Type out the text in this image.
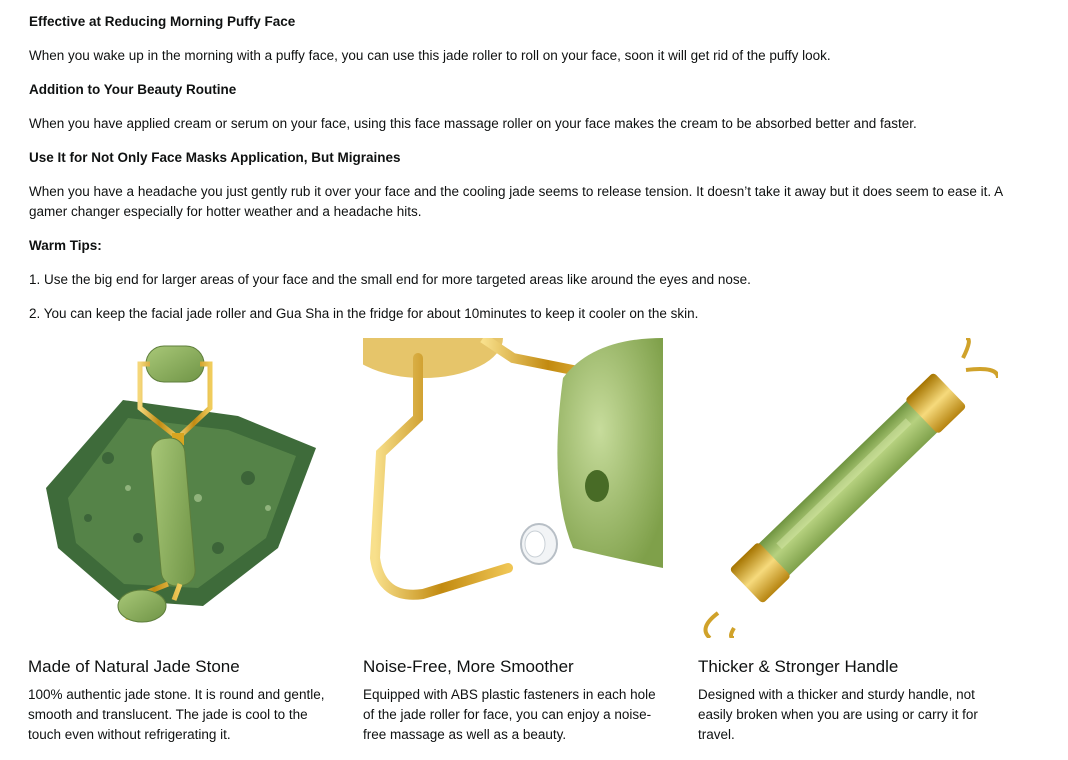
Effective at Reducing Morning Puffy Face
When you wake up in the morning with a puffy face, you can use this jade roller to roll on your face, soon it will get rid of the puffy look.
Addition to Your Beauty Routine
When you have applied cream or serum on your face, using this face massage roller on your face makes the cream to be absorbed better and faster.
Use It for Not Only Face Masks Application, But Migraines
When you have a headache you just gently rub it over your face and the cooling jade seems to release tension. It doesn’t take it away but it does seem to ease it. A gamer changer especially for hotter weather and a headache hits.
Warm Tips:
1. Use the big end for larger areas of your face and the small end for more targeted areas like around the eyes and nose.
2. You can keep the facial jade roller and Gua Sha in the fridge for about 10minutes to keep it cooler on the skin.
Made of Natural Jade Stone
100% authentic jade stone. It is round and gentle, smooth and translucent. The jade is cool to the touch even without refrigerating it.
Noise-Free, More Smoother
Equipped with ABS plastic fasteners in each hole of the jade roller for face, you can enjoy a noise-free massage as well as a beauty.
Thicker & Stronger Handle
Designed with a thicker and sturdy handle, not easily broken when you are using or carry it for travel.
